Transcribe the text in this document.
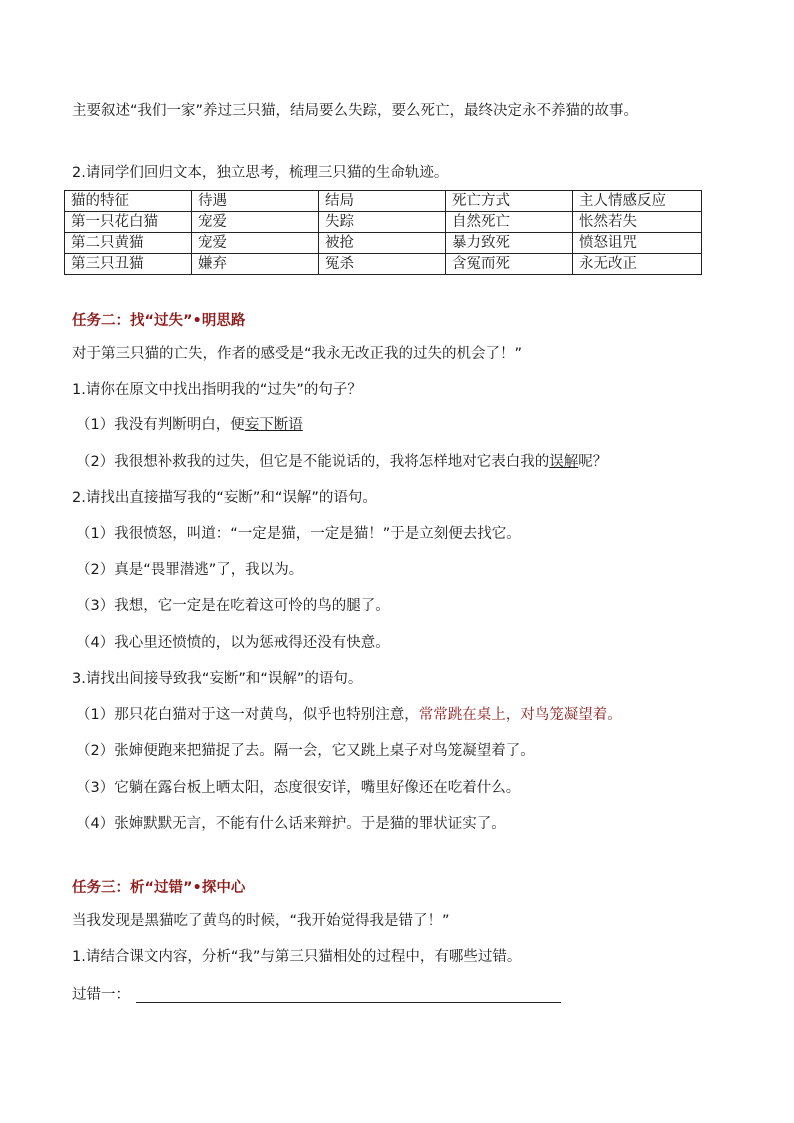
主要叙述“我们一家”养过三只猫，结局要么失踪，要么死亡，最终决定永不养猫的故事。
2.请同学们回归文本，独立思考，梳理三只猫的生命轨迹。
猫的特征	待遇	结局	死亡方式	主人情感反应
第一只花白猫	宠爱	失踪	自然死亡	怅然若失
第二只黄猫	宠爱	被抢	暴力致死	愤怒诅咒
第三只丑猫	嫌弃	冤杀	含冤而死	永无改正
任务二：找“过失”•明思路
对于第三只猫的亡失，作者的感受是“我永无改正我的过失的机会了！”
1.请你在原文中找出指明我的“过失”的句子？
（1）我没有判断明白，便妄下断语
（2）我很想补救我的过失，但它是不能说话的，我将怎样地对它表白我的误解呢？
2.请找出直接描写我的“妄断”和“误解”的语句。
（1）我很愤怒，叫道：“一定是猫，一定是猫！”于是立刻便去找它。
（2）真是“畏罪潜逃”了，我以为。
（3）我想，它一定是在吃着这可怜的鸟的腿了。
（4）我心里还愤愤的，以为惩戒得还没有快意。
3.请找出间接导致我“妄断”和“误解”的语句。
（1）那只花白猫对于这一对黄鸟，似乎也特别注意，常常跳在桌上，对鸟笼凝望着。
（2）张婶便跑来把猫捉了去。隔一会，它又跳上桌子对鸟笼凝望着了。
（3）它躺在露台板上晒太阳，态度很安详，嘴里好像还在吃着什么。
（4）张婶默默无言，不能有什么话来辩护。于是猫的罪状证实了。
任务三：析“过错”•探中心
当我发现是黑猫吃了黄鸟的时候，“我开始觉得我是错了！”
1.请结合课文内容，分析“我”与第三只猫相处的过程中，有哪些过错。
过错一：
